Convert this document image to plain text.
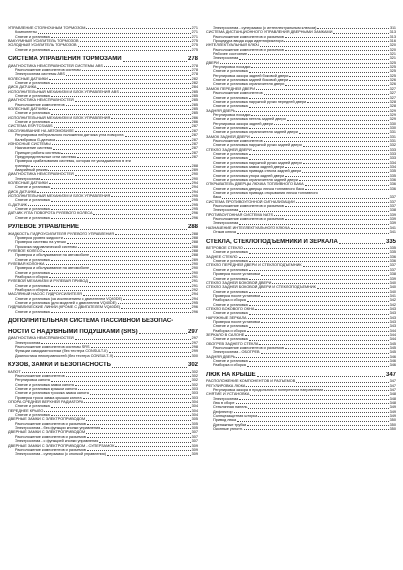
УПРАВЛЕНИЕ СТОЯНОЧНЫМ ТОРМОЗОМ	271
Компоненты	271
Снятие и установка	271
ВАКУУМНЫЙ УСИЛИТЕЛЬ ТОРМОЗОВ	275
ХОЛОДНЫЙ УСИЛИТЕЛЬ ТОРМОЗОВ	275
Снятие и установка	275
СИСТЕМА УПРАВЛЕНИЯ ТОРМОЗАМИ	278
ДИАГНОСТИКА НЕИСПРАВНОСТЕЙ СИСТЕМЫ ABS	278
Расположение компонентов системы	278
Электросхема системы ABS	278
КОЛЕСНЫЕ ДАТЧИКИ	282
Снятие и установка	282
ДИСК ДАТЧИКА	284
ИСПОЛНИТЕЛЬНЫЙ МЕХАНИЗМ И БЛОК УПРАВЛЕНИЯ ABS	285
Снятие и установка	285
ДИАГНОСТИКА НЕИСПРАВНОСТЕЙ	285
Расположение компонентов	285
КОЛЕСНЫЕ ДАТЧИКИ	285
Снятие и установка	285
ИСПОЛНИТЕЛЬНЫЙ МЕХАНИЗМ И БЛОК УПРАВЛЕНИЯ	286
Снятие и установка	286
СИСТЕМА ESP/TCS/ABS	287
ОБСЛУЖИВАНИЕ НА АВТОМОБИЛЕ	287
Регулировка нейтрального положения датчика угла поворота	287
Калибровка G-датчика	287
ИЗНОСНЫЕ СИСТЕМЫ	287
Назначение системы	287
Принцип работы системы	287
Предупредительные огни системы	287
Проверка срабатывания системы, которая не укладывается в эти
границы	288
Аварийный режим	289
ДИАГНОСТИКА НЕИСПРАВНОСТЕЙ	290
Электросхема	290
КОЛЕСНЫЕ ДАТЧИКИ	294
Снятие и установка	294
ДИСК ДАТЧИКА	294
ИСПОЛНИТЕЛЬНЫЙ МЕХАНИЗМ И БЛОК УПРАВЛЕНИЯ	295
Снятие и установка	295
G-ДАТЧИК	295
Снятие и установка	295
ДАТЧИК УГЛА ПОВОРОТА РУЛЕВОГО КОЛЕСА	296
Снятие и установка	296
РУЛЕВОЕ УПРАВЛЕНИЕ	288
ЖИДКОСТЬ ГИДРОУСИЛИТЕЛЯ РУЛЕВОГО УПРАВЛЕНИЯ	288
Проверка уровня жидкости	288
Проверка системы на утечки	288
Прокачка гидравлической системы	288
РУЛЕВОЕ КОЛЕСО	288
Проверка и обслуживание на автомобиле	288
Снятие и установка	289
РУЛЕВАЯ КОЛОНКА	290
Проверка и обслуживание на автомобиле	290
Снятие и установка	290
Разборка и сборка	291
РУЛЕВОЙ МЕХАНИЗМ И РУЛЕВАЯ ПРИВОД	291
Снятие и установка	291
Разборка и сборка	292
МАСЛЯНЫЙ НАСОС ГИДРОУСИЛИТЕЛЯ	294
Снятие и установка (за исключением с двигателем VQ40DE)	294
Снятие и установка (для моделей с двигателем VQ40DE)	295
ГИДРАВЛИЧЕСКИЕ ЛИНИИ (КРОМЕ С ДВИГАТЕЛЕМ VQ40DE)	296
Снятие и установка	296
ДОПОЛНИТЕЛЬНАЯ СИСТЕМА ПАССИВНОЙ БЕЗОПАС-
НОСТИ С НАДУВНЫМИ ПОДУШКАМИ (SRS)	297
ДИАГНОСТИКА НЕИСПРАВНОСТЕЙ	297
Электросхема	297
Расположение компонентов системы SRS	298
Функции самодиагностики (без тестера CONSULT-II)	299
Диагностика неисправностей (без тестера CONSULT-II)	300
КУЗОВ, ЗАМКИ И БЕЗОПАСНОСТЬ	302
КАПОТ	302
Расположение компонентов	302
Регулировка капота	302
Снятие и установка замка капота	302
Снятие и установка крышки капота	303
Снятие и установка тросика замка капота	303
Проверка троса замка крышки капота	303
ОПОРА СРЕДНЕЙ ВЕРХНЕЙ РАДИАТОРА	304
Снятие и установка	304
ПЕРЕДНЕЕ КРЫЛО	304
Снятие и установка	304
ДВЕРНЫЕ ЗАМКИ С ЭЛЕКТРОПРИВОДОМ	305
Расположение компонентов и разъемов	305
Электросхема - без функции кнопки управления	305
ДВЕРНЫЕ ЗАМКИ С ЭЛЕКТРОПРИВОДОМ	307
Расположение компонентов и разъемов	307
Электросхема - с функцией кнопки управления	307
ДВЕРНЫЕ ЗАМКИ С ЭЛЕКТРОПРИВОДОМ - СУПЕРЗАМОК	309
Расположение компонентов и разъемов	309
Электросхема - суперзамок (с кнопкой управления)	309
Электросхема - суперзамок (с интеллектуальным ключом)	311
СИСТЕМА ДИСТАНЦИОННОГО УПРАВЛЕНИЯ ДВЕРНЫМИ ЗАМКАМИ	313
Расположение компонентов и разъемов	313
Процедура ввода кода идентификатора	316
ИНТЕЛЛЕКТУАЛЬНЫЙ КЛЮЧ	320
Расположение компонентов и разъемов	320
Рабочее состояние	321
Электросхема	321
ДВЕРИ	325
Регулировка посадки	325
Снятие и установка	325
Регулировка зазора задней боковой двери	325
Снятие и установка задней боковой двери	326
Снятие и установка ограничителя двери	326
ЗАМОК ПЕРЕДНЕЙ ДВЕРИ	327
Расположение компонентов	327
Снятие и установка	327
Снятие и установка наружной ручки передней двери	328
Снятие и установка	328
ЗАДНЯЯ ДВЕРЬ	329
Регулировка посадки	329
Снятие и установка петель задней двери	329
Регулировка зазора задней двери	330
Снятие и установка	330
Снятие и установка ограничителя задней двери	331
ЗАМОК ЗАДНЕЙ ДВЕРИ	331
Расположение компонентов	331
Снятие и установка наружной ручки задней двери	332
СТЕКЛО ЗАДНЕЙ ДВЕРИ	333
Снятие и установка	333
Снятие и установка	333
Снятие и установка наружной ручки задней двери	334
Снятие и установка замка задней двери	334
Снятие и установка привода стекла задней двери	335
Снятие и установка упора задней двери	335
Снятие и установка ограничителя задней двери	336
ОТКРЫВАТЕЛЬ ДВЕРЦЫ ЛЮЧКА ТОПЛИВНОГО БАКА	336
Снятие и установка дверцы лючка топливного бака	336
Снятие и установка привода открывания лючка топливного
бака	337
СИСТЕМА ПРОТИВОУГОННОЙ СИГНАЛИЗАЦИИ	337
Расположение компонентов и разъемов	337
Электросхема	338
ПРОТИВОУГОННАЯ СИСТЕМА NATS	339
Расположение компонентов и разъемов	339
Электросхема	339
НАЗНАЧЕНИЕ ИНТЕЛЛЕКТУАЛЬНОГО КЛЮЧА	341
Отзыв ключа	341
СТЕКЛА, СТЕКЛОПОДЪЕМНИКИ И ЗЕРКАЛА	335
ВЕТРОВОЕ СТЕКЛО	335
Снятие и установка	335
ЗАДНЕЕ СТЕКЛО	336
Снятие и установка	336
СТЕКЛО ПЕРЕДНЕЙ ДВЕРИ И СТЕКЛОПОДЪЕМНИК	337
Снятие и установка	337
Проверка после установки	338
Снятие и установка	339
СТЕКЛО ЗАДНЕЙ БОКОВОЙ ДВЕРИ	340
СТЕКЛО ЗАДНЕЙ БОКОВОЙ ДВЕРИ И СТЕКЛОПОДЪЕМНИК	340
Снятие и установка	340
Проверка после установки	341
Разборка и сборка	342
Снятие и установка	342
СТЕКЛО БОКОВОГО ОКНА	343
Снятие и установка	343
НАРУЖНЫЕ ЗЕРКАЛА	343
Проверка после установки	343
Снятие и установка	343
Разборка и сборка	344
ЗЕРКАЛО В САЛОНЕ	344
Снятие и установка	344
ОБОГРЕВ ЗАДНЕГО СТЕКЛА	345
Расположение компонентов и разъемов	345
Электросхема - ОБОГРЕВ	345
ЗАДНЯЯ ДВЕРЬ	346
Снятие и установка	346
Разборка и сборка	346
ЛЮК НА КРЫШЕ	347
РАСПОЛОЖЕНИЕ КОМПОНЕНТОВ И РАЗЪЕМОВ	347
РЕГУЛИРОВКА ЛЮКА	347
Регулировка зазора в продольном и поперечном направлении	347
СНЯТИЕ И УСТАНОВКА	348
Электросхема	348
Люк в сборе	348
Стеклянная панель	349
Дефлектор	349
Солнцезащитная шторка	349
Привод люка	350
Дренажные трубки	350
Оконные уплотн.	350
